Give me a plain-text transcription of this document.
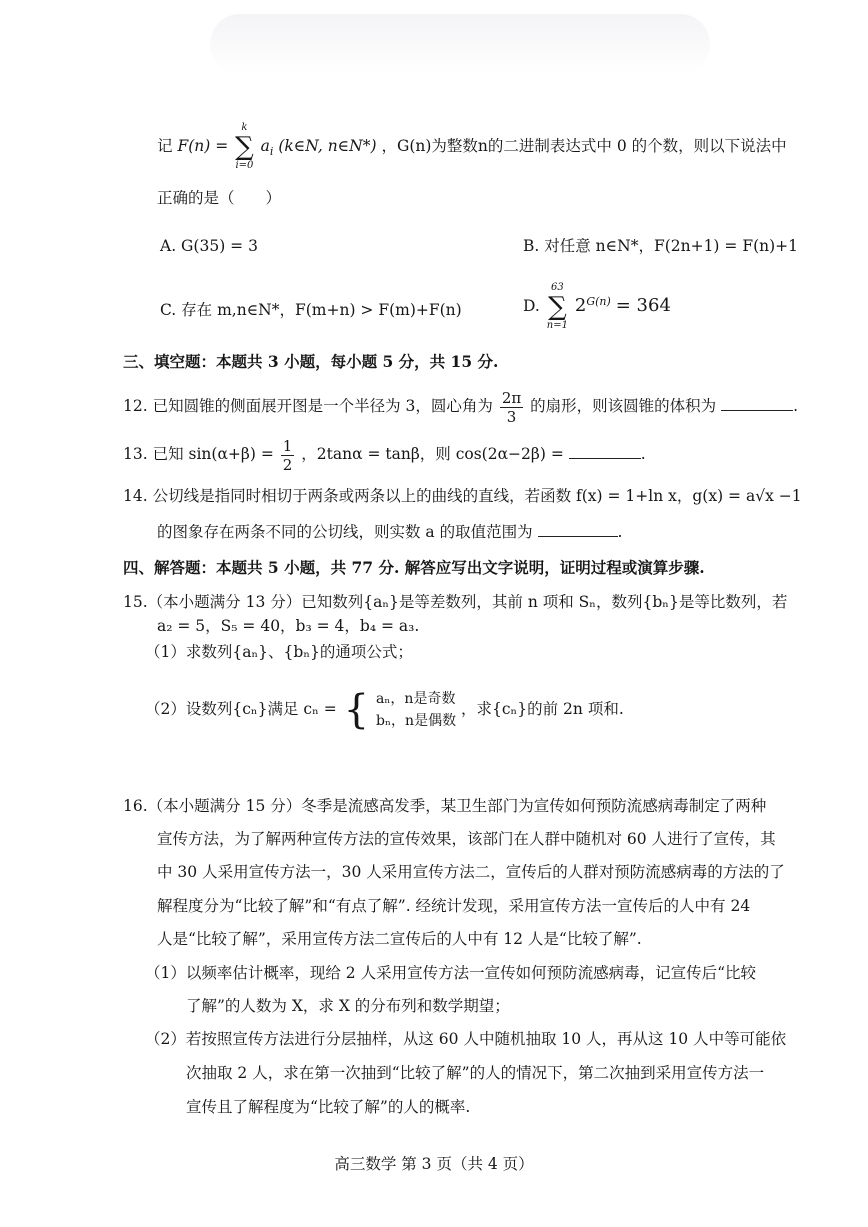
记 F(n) =
k
∑
i=0
$a_i$ (k∈N, n∈N*) ，G(n)为整数n的二进制表达式中 0 的个数，则以下说法中
正确的是（　　）
A. G(35) = 3	B. 对任意 n∈N*，F(2n+1) = F(n)+1
C. 存在 m,n∈N*，F(m+n) > F(m)+F(n)	D.
63
∑
n=1
$2^{G(n)} = 364$
三、填空题：本题共 3 小题，每小题 5 分，共 15 分.
12. 已知圆锥的侧面展开图是一个半径为 3，圆心角为 $\frac{2\pi}{3}$ 的扇形，则该圆锥的体积为	.
13. 已知 $\sin(\alpha+\beta) = \frac{1}{2}$ ，2tanα = tanβ，则 cos(2α−2β) =	.
14. 公切线是指同时相切于两条或两条以上的曲线的直线，若函数 f(x) = 1+ln x，g(x) = a√x −1
的图象存在两条不同的公切线，则实数 a 的取值范围为	.
四、解答题：本题共 5 小题，共 77 分. 解答应写出文字说明，证明过程或演算步骤.
15.（本小题满分 13 分）已知数列{aₙ}是等差数列，其前 n 项和 Sₙ，数列{bₙ}是等比数列，若
a₂ = 5，S₅ = 40，b₃ = 4，b₄ = a₃.
（1）求数列{aₙ}、{bₙ}的通项公式；
（2）设数列{cₙ}满足 cₙ = { aₙ，n是奇数
bₙ，n是偶数
，求{cₙ}的前 2n 项和.
16.（本小题满分 15 分）冬季是流感高发季，某卫生部门为宣传如何预防流感病毒制定了两种
宣传方法，为了解两种宣传方法的宣传效果，该部门在人群中随机对 60 人进行了宣传，其
中 30 人采用宣传方法一，30 人采用宣传方法二，宣传后的人群对预防流感病毒的方法的了
解程度分为“比较了解”和“有点了解”. 经统计发现，采用宣传方法一宣传后的人中有 24
人是“比较了解”，采用宣传方法二宣传后的人中有 12 人是“比较了解”.
（1）以频率估计概率，现给 2 人采用宣传方法一宣传如何预防流感病毒，记宣传后“比较
了解”的人数为 X，求 X 的分布列和数学期望；
（2）若按照宣传方法进行分层抽样，从这 60 人中随机抽取 10 人，再从这 10 人中等可能依
次抽取 2 人，求在第一次抽到“比较了解”的人的情况下，第二次抽到采用宣传方法一
宣传且了解程度为“比较了解”的人的概率.
高三数学 第 3 页（共 4 页）
